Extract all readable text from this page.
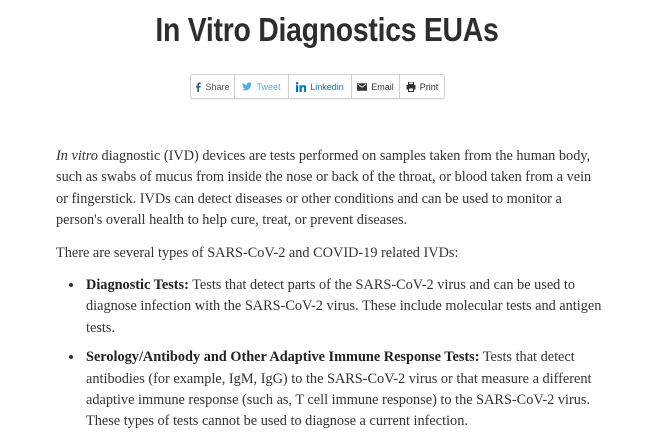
In Vitro Diagnostics EUAs
Share	Tweet	Linkedin	Email	Print

In vitro diagnostic (IVD) devices are tests performed on samples taken from the human body, such as swabs of mucus from inside the nose or back of the throat, or blood taken from a vein or fingerstick. IVDs can detect diseases or other conditions and can be used to monitor a person's overall health to help cure, treat, or prevent diseases.

There are several types of SARS-CoV-2 and COVID-19 related IVDs:

• Diagnostic Tests: Tests that detect parts of the SARS-CoV-2 virus and can be used to diagnose infection with the SARS-CoV-2 virus. These include molecular tests and antigen tests.
• Serology/Antibody and Other Adaptive Immune Response Tests: Tests that detect antibodies (for example, IgM, IgG) to the SARS-CoV-2 virus or that measure a different adaptive immune response (such as, T cell immune response) to the SARS-CoV-2 virus. These types of tests cannot be used to diagnose a current infection.
